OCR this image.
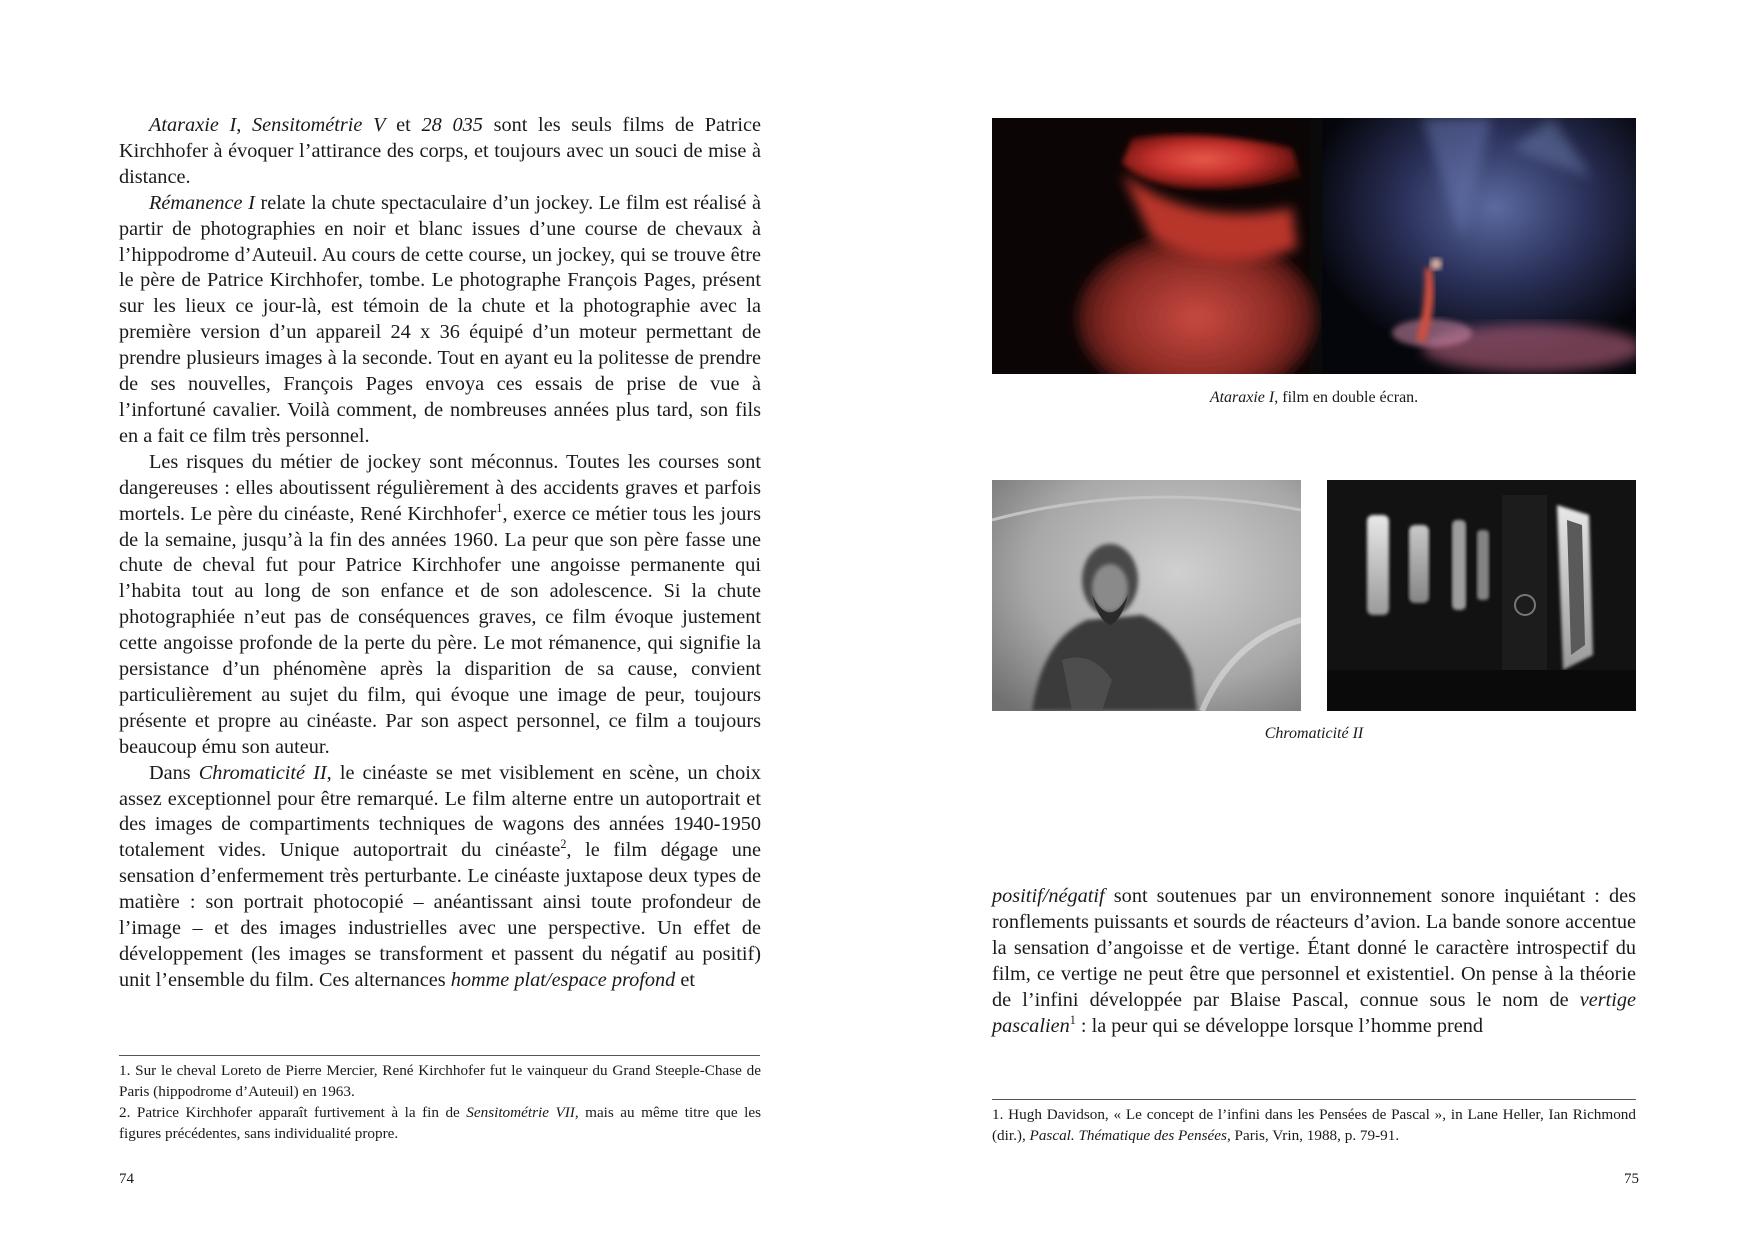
Ataraxie I, Sensitométrie V et 28 035 sont les seuls films de Patrice Kirchhofer à évoquer l’attirance des corps, et toujours avec un souci de mise à distance.

Rémanence I relate la chute spectaculaire d’un jockey. Le film est réalisé à partir de photographies en noir et blanc issues d’une course de chevaux à l’hippodrome d’Auteuil. Au cours de cette course, un jockey, qui se trouve être le père de Patrice Kirchhofer, tombe. Le photographe François Pages, présent sur les lieux ce jour-là, est témoin de la chute et la photographie avec la première version d’un appareil 24 x 36 équipé d’un moteur permettant de prendre plusieurs images à la seconde. Tout en ayant eu la politesse de prendre de ses nouvelles, François Pages envoya ces essais de prise de vue à l’infortuné cavalier. Voilà comment, de nombreuses années plus tard, son fils en a fait ce film très personnel.

Les risques du métier de jockey sont méconnus. Toutes les courses sont dangereuses : elles aboutissent régulièrement à des accidents graves et parfois mortels. Le père du cinéaste, René Kirchhofer$^1$, exerce ce métier tous les jours de la semaine, jusqu’à la fin des années 1960. La peur que son père fasse une chute de cheval fut pour Patrice Kirchhofer une angoisse permanente qui l’habita tout au long de son enfance et de son adolescence. Si la chute photographiée n’eut pas de conséquences graves, ce film évoque justement cette angoisse profonde de la perte du père. Le mot rémanence, qui signifie la persistance d’un phénomène après la disparition de sa cause, convient particulièrement au sujet du film, qui évoque une image de peur, toujours présente et propre au cinéaste. Par son aspect personnel, ce film a toujours beaucoup ému son auteur.

Dans Chromaticité II, le cinéaste se met visiblement en scène, un choix assez exceptionnel pour être remarqué. Le film alterne entre un autoportrait et des images de compartiments techniques de wagons des années 1940-1950 totalement vides. Unique autoportrait du cinéaste$^2$, le film dégage une sensation d’enfermement très perturbante. Le cinéaste juxtapose deux types de matière : son portrait photocopié – anéantissant ainsi toute profondeur de l’image – et des images industrielles avec une perspective. Un effet de développement (les images se transforment et passent du négatif au positif) unit l’ensemble du film. Ces alternances homme plat/espace profond et

1. Sur le cheval Loreto de Pierre Mercier, René Kirchhofer fut le vainqueur du Grand Steeple-Chase de Paris (hippodrome d’Auteuil) en 1963.

2. Patrice Kirchhofer apparaît furtivement à la fin de Sensitométrie VII, mais au même titre que les figures précédentes, sans individualité propre.

74
Ataraxie I, film en double écran.
Chromaticité II

positif/négatif sont soutenues par un environnement sonore inquiétant : des ronflements puissants et sourds de réacteurs d’avion. La bande sonore accentue la sensation d’angoisse et de vertige. Étant donné le caractère introspectif du film, ce vertige ne peut être que personnel et existentiel. On pense à la théorie de l’infini développée par Blaise Pascal, connue sous le nom de vertige pascalien$^1$ : la peur qui se développe lorsque l’homme prend

1. Hugh Davidson, « Le concept de l’infini dans les Pensées de Pascal », in Lane Heller, Ian Richmond (dir.), Pascal. Thématique des Pensées, Paris, Vrin, 1988, p. 79-91.

75
